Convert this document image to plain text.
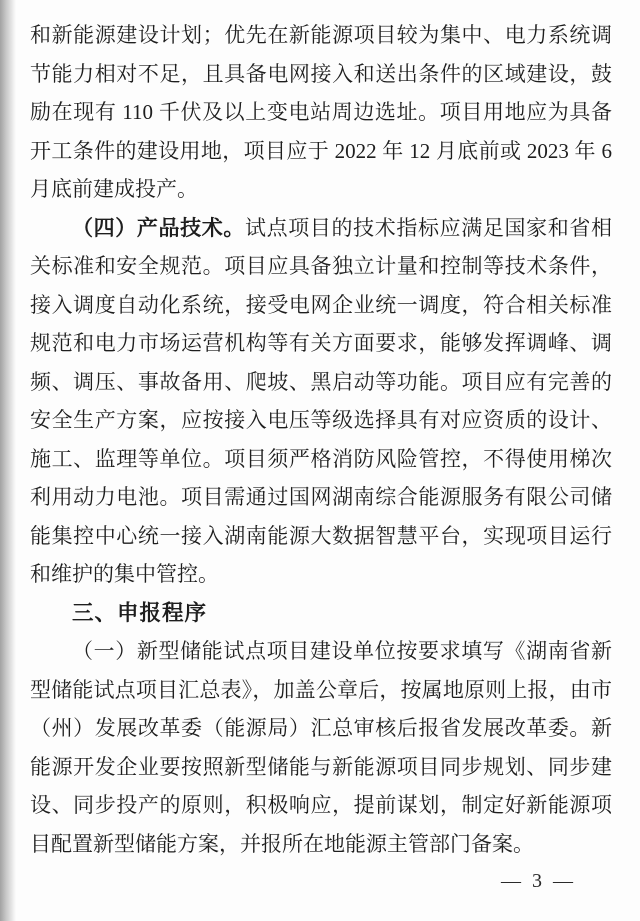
和新能源建设计划；优先在新能源项目较为集中、电力系统调
节能力相对不足，且具备电网接入和送出条件的区域建设，鼓
励在现有 110 千伏及以上变电站周边选址。项目用地应为具备
开工条件的建设用地，项目应于 2022 年 12 月底前或 2023 年 6
月底前建成投产。
（四）产品技术。试点项目的技术指标应满足国家和省相
关标准和安全规范。项目应具备独立计量和控制等技术条件，
接入调度自动化系统，接受电网企业统一调度，符合相关标准
规范和电力市场运营机构等有关方面要求，能够发挥调峰、调
频、调压、事故备用、爬坡、黑启动等功能。项目应有完善的
安全生产方案，应按接入电压等级选择具有对应资质的设计、
施工、监理等单位。项目须严格消防风险管控，不得使用梯次
利用动力电池。项目需通过国网湖南综合能源服务有限公司储
能集控中心统一接入湖南能源大数据智慧平台，实现项目运行
和维护的集中管控。
三、申报程序
（一）新型储能试点项目建设单位按要求填写《湖南省新
型储能试点项目汇总表》，加盖公章后，按属地原则上报，由市
（州）发展改革委（能源局）汇总审核后报省发展改革委。新
能源开发企业要按照新型储能与新能源项目同步规划、同步建
设、同步投产的原则，积极响应，提前谋划，制定好新能源项
目配置新型储能方案，并报所在地能源主管部门备案。
— 3 —
